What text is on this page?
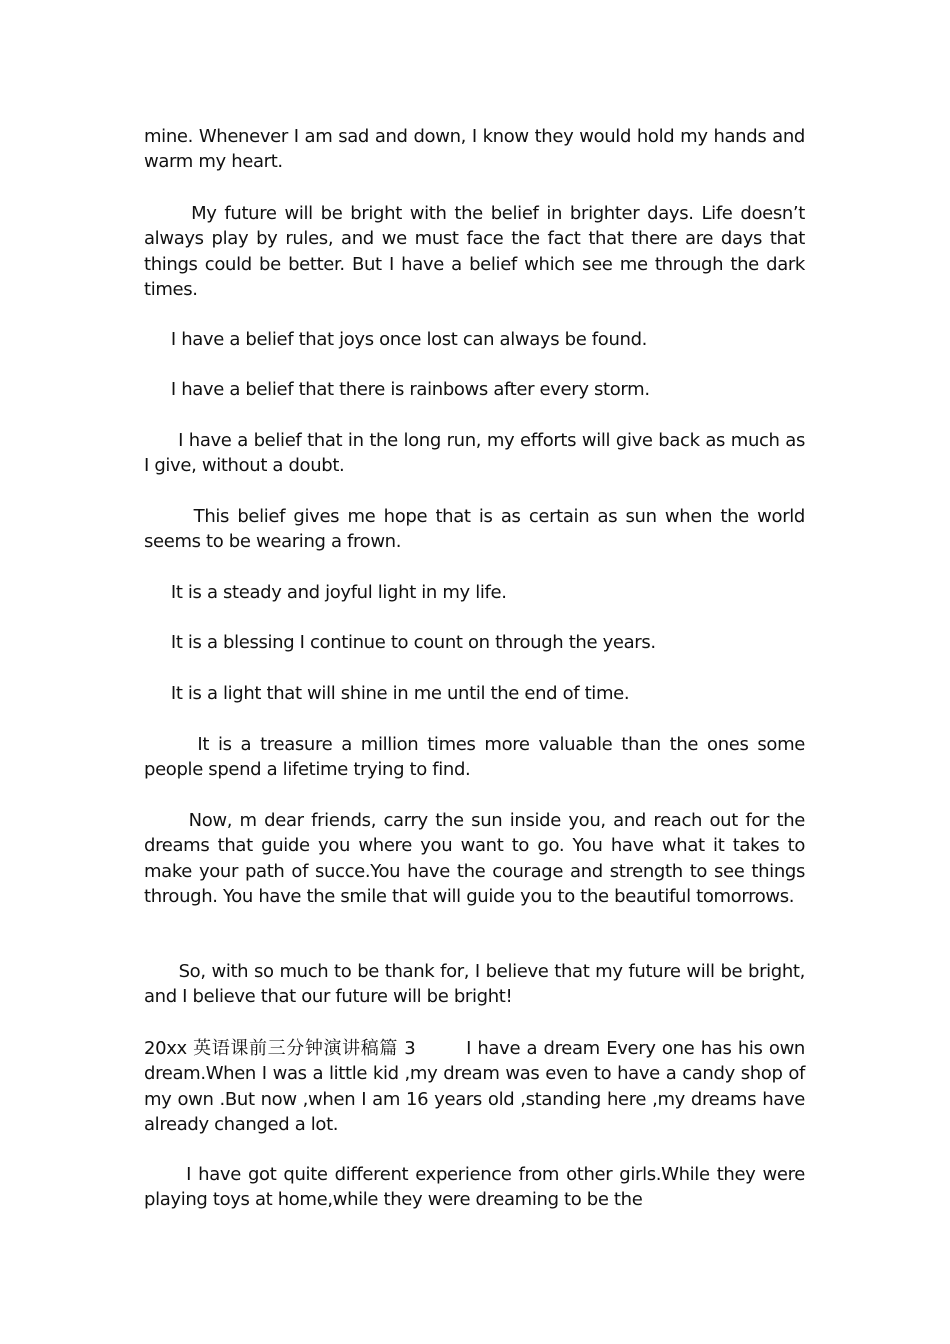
mine. Whenever I am sad and down, I know they would hold my hands and warm my heart.

My future will be bright with the belief in brighter days. Life doesn’t always play by rules, and we must face the fact that there are days that things could be better. But I have a belief which see me through the dark times.

I have a belief that joys once lost can always be found.

I have a belief that there is rainbows after every storm.

I have a belief that in the long run, my efforts will give back as much as I give, without a doubt.

This belief gives me hope that is as certain as sun when the world seems to be wearing a frown.

It is a steady and joyful light in my life.

It is a blessing I continue to count on through the years.

It is a light that will shine in me until the end of time.

It is a treasure a million times more valuable than the ones some people spend a lifetime trying to find.

Now, m dear friends, carry the sun inside you, and reach out for the dreams that guide you where you want to go. You have what it takes to make your path of succe.You have the courage and strength to see things through. You have the smile that will guide you to the beautiful tomorrows.

So, with so much to be thank for, I believe that my future will be bright, and I believe that our future will be bright!

20xx 英语课前三分钟演讲稿篇 3        I have a dream Every one has his own dream.When I was a little kid ,my dream was even to have a candy shop of my own .But now ,when I am 16 years old ,standing here ,my dreams have already changed a lot.

I have got quite different experience from other girls.While they were playing toys at home,while they were dreaming to be the
